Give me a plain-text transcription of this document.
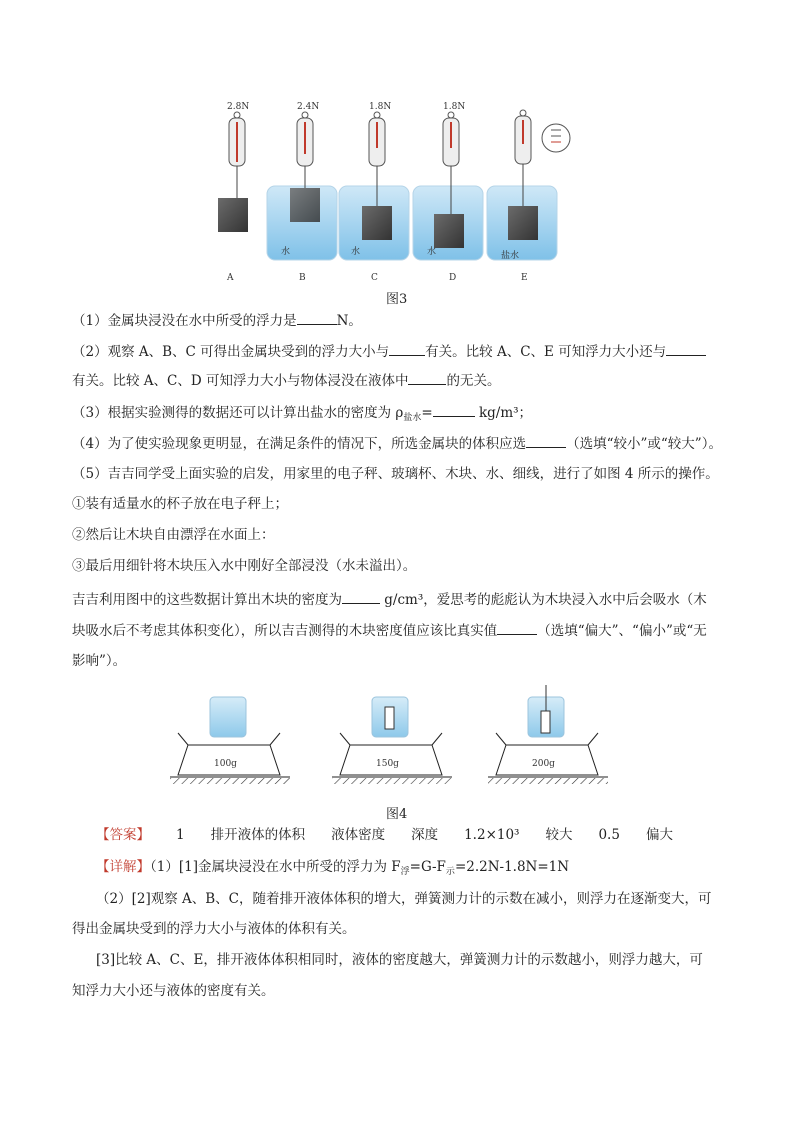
2.8N
A
2.4N
水
B
1.8N
水
C
1.8N
水
D
盐水
E
图3
（1）金属块浸没在水中所受的浮力是	N。
（2）观察 A、B、C 可得出金属块受到的浮力大小与	有关。比较 A、C、E 可知浮力大小还与
有关。比较 A、C、D 可知浮力大小与物体浸没在液体中	的无关。
（3）根据实验测得的数据还可以计算出盐水的密度为 $\rho_{盐水}=$	kg/m³；
（4）为了使实验现象更明显，在满足条件的情况下，所选金属块的体积应选	（选填“较小”或“较大”）。
（5）吉吉同学受上面实验的启发，用家里的电子秤、玻璃杯、木块、水、细线，进行了如图 4 所示的操作。
①装有适量水的杯子放在电子秤上；
②然后让木块自由漂浮在水面上：
③最后用细针将木块压入水中刚好全部浸没（水未溢出）。
吉吉利用图中的这些数据计算出木块的密度为	g/cm³，爱思考的彪彪认为木块浸入水中后会吸水（木
块吸水后不考虑其体积变化），所以吉吉测得的木块密度值应该比真实值	（选填“偏大”、“偏小”或“无
影响”）。
100g	150g	200g
图4
【答案】 1 排开液体的体积 液体密度 深度 1.2×10³ 较大 0.5 偏大
【详解】（1）[1]金属块浸没在水中所受的浮力为 $F_浮=G-F_示=2.2N-1.8N=1N$
（2）[2]观察 A、B、C，随着排开液体体积的增大，弹簧测力计的示数在减小，则浮力在逐渐变大，可
得出金属块受到的浮力大小与液体的体积有关。
[3]比较 A、C、E，排开液体体积相同时，液体的密度越大，弹簧测力计的示数越小，则浮力越大，可
知浮力大小还与液体的密度有关。
